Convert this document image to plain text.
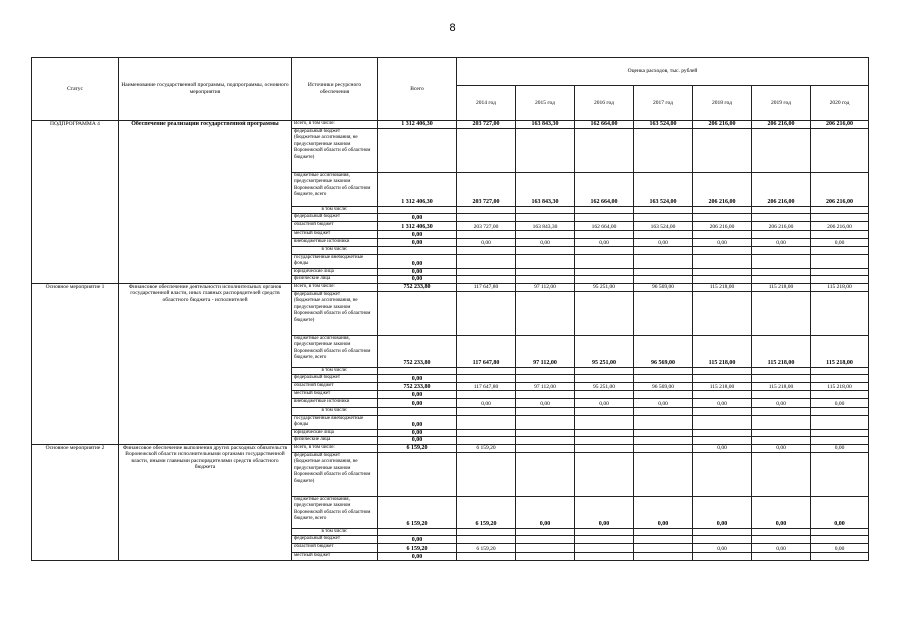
8
Статус	Наименование государственной программы, подпрограммы, основного мероприятия	Источники ресурсного обеспечения	Всего	Оценка расходов, тыс. рублей						
				2014 год	2015 год	2016 год	2017 год	2018 год	2019 год	2020 год
ПОДПРОГРАММА 4	Обеспечение реализации государственной программы	Всего, в том числе:	1 312 406,30	203 727,00	163 843,30	162 664,00	163 524,00	206 216,00	206 216,00	206 216,00
		федеральный бюджет
(бюджетные ассигнования, не предусмотренные законом Воронежской области об областном бюджете)								
		бюджетные ассигнования, предусмотренные законом Воронежской области об областном бюджете, всего	1 312 406,30	203 727,00	163 843,30	162 664,00	163 524,00	206 216,00	206 216,00	206 216,00
		в том числе:								
		федеральный бюджет	0,00							
		областной бюджет	1 312 406,30	203 727,00	163 843,30	162 664,00	163 524,00	206 216,00	206 216,00	206 216,00
		местный бюджет	0,00							
		внебюджетные источники	0,00	0,00	0,00	0,00	0,00	0,00	0,00	0,00
		в том числе:								
		государственные внебюджетные фонды	0,00							
		юридические лица	0,00							
		физические лица	0,00							
Основное мероприятие 1	Финансовое обеспечение деятельности исполнительных органов государственной власти, иных главных распорядителей средств областного бюджета - исполнителей	Всего, в том числе:	752 233,80	117 647,80	97 112,00	95 251,00	96 569,00	115 218,00	115 218,00	115 218,00
		федеральный бюджет
(бюджетные ассигнования, не предусмотренные законом Воронежской области об областном бюджете)								
		бюджетные ассигнования, предусмотренные законом Воронежской области об областном бюджете, всего	752 233,80	117 647,80	97 112,00	95 251,00	96 569,00	115 218,00	115 218,00	115 218,00
		в том числе:								
		федеральный бюджет	0,00							
		областной бюджет	752 233,80	117 647,80	97 112,00	95 251,00	96 569,00	115 218,00	115 218,00	115 218,00
		местный бюджет	0,00							
		внебюджетные источники	0,00	0,00	0,00	0,00	0,00	0,00	0,00	0,00
		в том числе:								
		государственные внебюджетные фонды	0,00							
		юридические лица	0,00							
		физические лица	0,00							
Основное мероприятие 2	Финансовое обеспечение выполнения других расходных обязательств Воронежской области исполнительными органами государственной власти, иными главными распорядителями средств областного бюджета	Всего, в том числе:	6 159,20	6 159,20				0,00	0,00	0,00
		федеральный бюджет
(бюджетные ассигнования, не предусмотренные законом Воронежской области об областном бюджете)								
		бюджетные ассигнования, предусмотренные законом Воронежской области об областном бюджете, всего	6 159,20	6 159,20	0,00	0,00	0,00	0,00	0,00	0,00
		в том числе:								
		федеральный бюджет	0,00							
		областной бюджет	6 159,20	6 159,20				0,00	0,00	0,00
		местный бюджет	0,00							
